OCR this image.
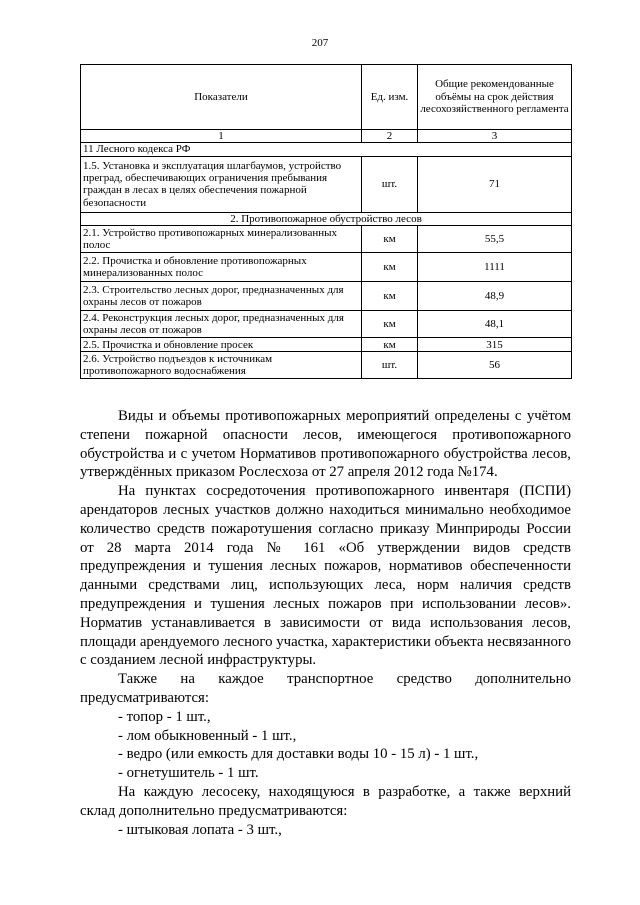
207
Показатели	Ед. изм.	Общие рекомендованные объёмы на срок действия лесохозяйственного регламента
1	2	3
11 Лесного кодекса РФ		
1.5. Установка и эксплуатация шлагбаумов, устройство преград, обеспечивающих ограничения пребывания граждан в лесах в целях обеспечения пожарной безопасности	шт.	71
2. Противопожарное обустройство лесов		
2.1. Устройство противопожарных минерализованных полос	км	55,5
2.2. Прочистка и обновление противопожарных минерализованных полос	км	1111
2.3. Строительство лесных дорог, предназначенных для охраны лесов от пожаров	км	48,9
2.4. Реконструкция лесных дорог, предназначенных для охраны лесов от пожаров	км	48,1
2.5. Прочистка и обновление просек	км	315
2.6. Устройство подъездов к источникам противопожарного водоснабжения	шт.	56

Виды и объемы противопожарных мероприятий определены с учётом степени пожарной опасности лесов, имеющегося противопожарного обустройства и с учетом Нормативов противопожарного обустройства лесов, утверждённых приказом Рослесхоза от 27 апреля 2012 года №174.

На пунктах сосредоточения противопожарного инвентаря (ПСПИ) арендаторов лесных участков должно находиться минимально необходимое количество средств пожаротушения согласно приказу Минприроды России от 28 марта 2014 года № 161 «Об утверждении видов средств предупреждения и тушения лесных пожаров, нормативов обеспеченности данными средствами лиц, использующих леса, норм наличия средств предупреждения и тушения лесных пожаров при использовании лесов». Норматив устанавливается в зависимости от вида использования лесов, площади арендуемого лесного участка, характеристики объекта несвязанного с созданием лесной инфраструктуры.

Также на каждое транспортное средство дополнительно предусматриваются:

- топор - 1 шт.,

- лом обыкновенный - 1 шт.,

- ведро (или емкость для доставки воды 10 - 15 л) - 1 шт.,

- огнетушитель - 1 шт.

На каждую лесосеку, находящуюся в разработке, а также верхний склад дополнительно предусматриваются:

- штыковая лопата - 3 шт.,
